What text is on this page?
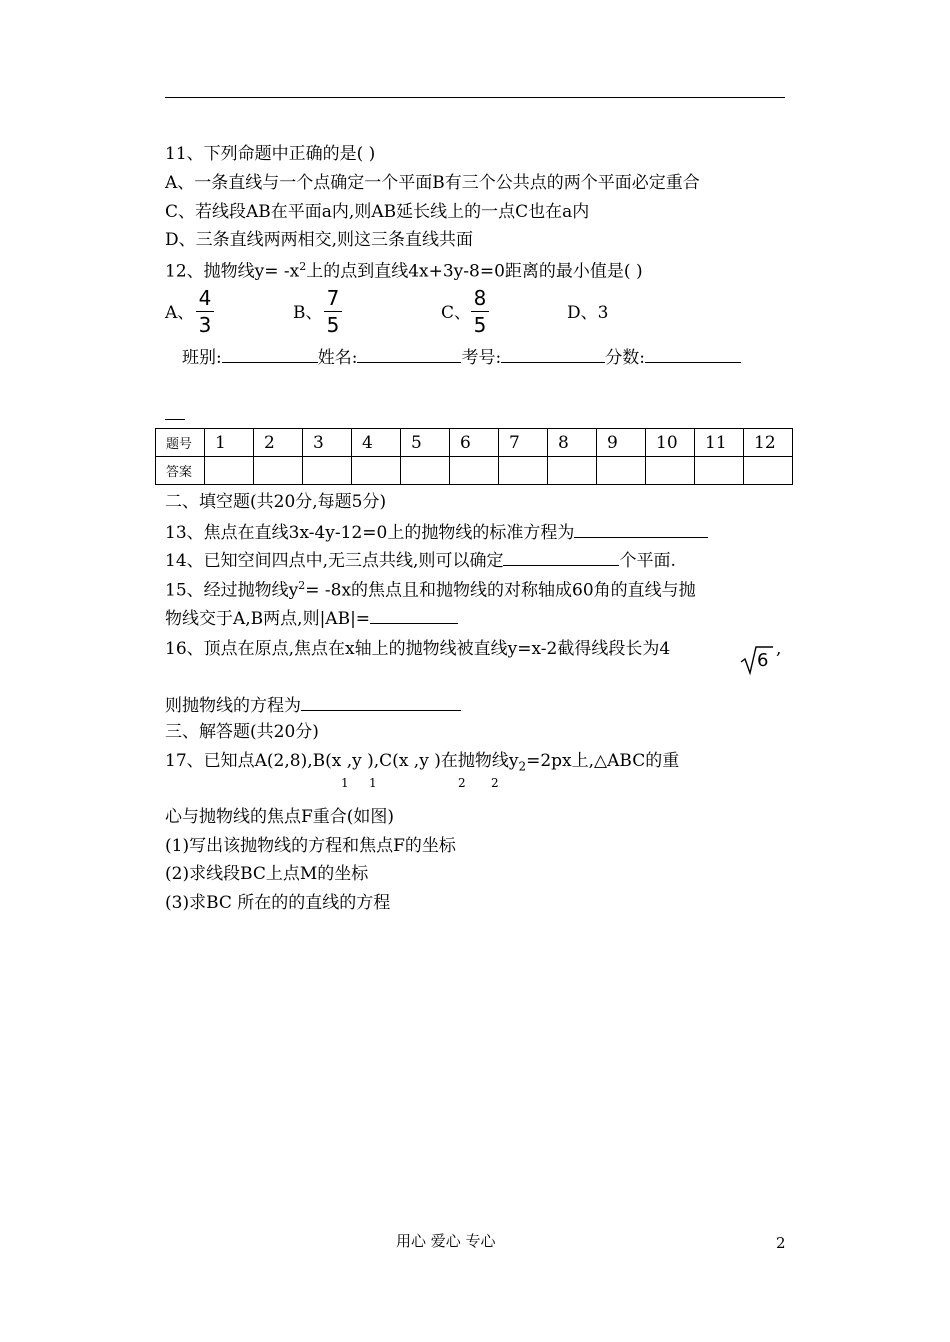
11、下列命题中正确的是( )
A、一条直线与一个点确定一个平面B有三个公共点的两个平面必定重合
C、若线段AB在平面a内,则AB延长线上的一点C也在a内
D、三条直线两两相交,则这三条直线共面
12、抛物线$y= -x^2$上的点到直线4x+3y-8=0距离的最小值是( )
A、
4
3	B、
7
5	C、
8
5	D、3
班别:	姓名:	考号:	分数:
题号	1	2	3	4	5	6	7	8	9	10	11	12
答案												
二、填空题(共20分,每题5分)
13、焦点在直线3x-4y-12=0上的抛物线的标准方程为
14、已知空间四点中,无三点共线,则可以确定	个平面.
15、经过抛物线$y^2= -8x$的焦点且和抛物线的对称轴成60角的直线与抛
物线交于A,B两点,则|AB|=
16、顶点在原点,焦点在x轴上的抛物线被直线y=x-2截得线段长为4
6
,
则抛物线的方程为
三、解答题(共20分)
17、已知点A(2,8),B(x ,y ),C(x ,y )在抛物线$y_2=2px$上,△ABC的重
1 1	2 2
心与抛物线的焦点F重合(如图)
(1)写出该抛物线的方程和焦点F的坐标
(2)求线段BC上点M的坐标
(3)求BC 所在的的直线的方程
用心 爱心 专心	2
